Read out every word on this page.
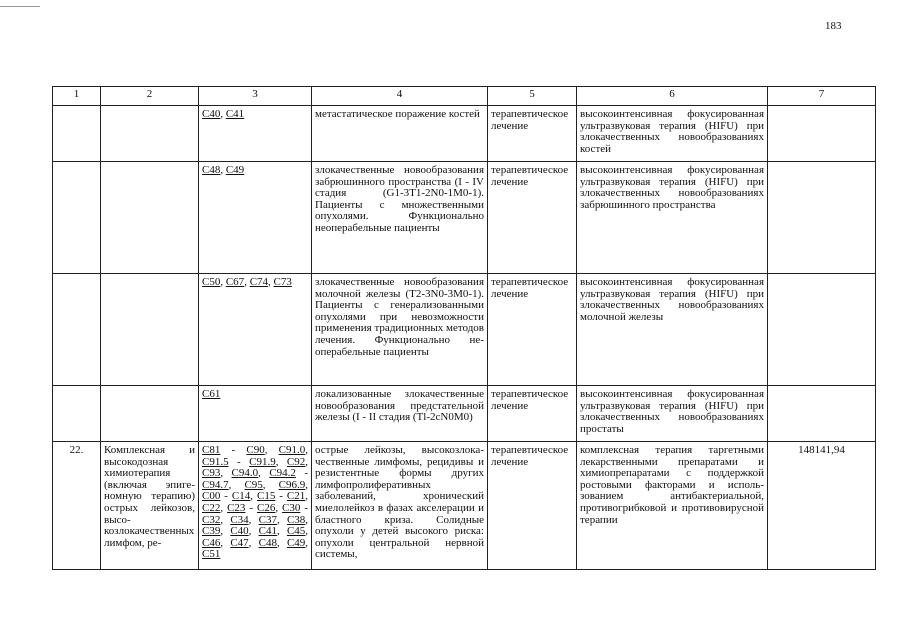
183
1	2	3	4	5	6	7

		C40, C41	метастатическое поражение костей	терапевтическое лечение	высокоинтенсивная фокусированная ультразвуковая терапия (HIFU) при злокачественных новообразованиях костей	

		C48, C49	злокачественные новообразования забрюшинного пространства (I - IV стадия (G1-3T1-2N0-1M0-1). Пациенты с множественными опухолями. Функционально неоперабельные пациенты	терапевтическое лечение	высокоинтенсивная фокусированная ультразвуковая терапия (HIFU) при злокачественных новообразованиях забрюшинного пространства	

		C50, C67, C74, C73	злокачественные новообразования молочной железы (T2-3N0-3M0-1). Пациенты с генерализованными опухолями при невозможности применения традиционных методов лечения. Функционально неоперабельные пациенты	терапевтическое лечение	высокоинтенсивная фокусированная ультразвуковая терапия (HIFU) при злокачественных новообразованиях молочной железы	

		C61	локализованные злокачественные новообразования предстательной железы (I - II стадия (Tl-2cN0M0)	терапевтическое лечение	высокоинтенсивная фокусированная ультразвуковая терапия (HIFU) при злокачественных новообразованиях простаты	

22.	Комплексная и высокодозная химиотерапия (включая эпигеномную терапию) острых лейкозов, высокозлокачественных лимфом, ре-	C81 - C90, C91.0, C91.5 - C91.9, C92, C93, C94.0, C94.2 - C94.7, C95, C96.9, C00 - C14, C15 - C21, C22, C23 - C26, C30 - C32, C34, C37, C38, C39, C40, C41, C45, C46, C47, C48, C49, C51	острые лейкозы, высокозлокачественные лимфомы, рецидивы и резистентные формы других лимфопролиферативных заболеваний, хронический миелолейкоз в фазах акселерации и бластного криза. Солидные опухоли у детей высокого риска: опухоли центральной нервной системы,	терапевтическое лечение	комплексная терапия таргетными лекарственными препаратами и химиопрепаратами с поддержкой ростовыми факторами и использованием антибактериальной, противогрибковой и противовирусной терапии	148141,94
